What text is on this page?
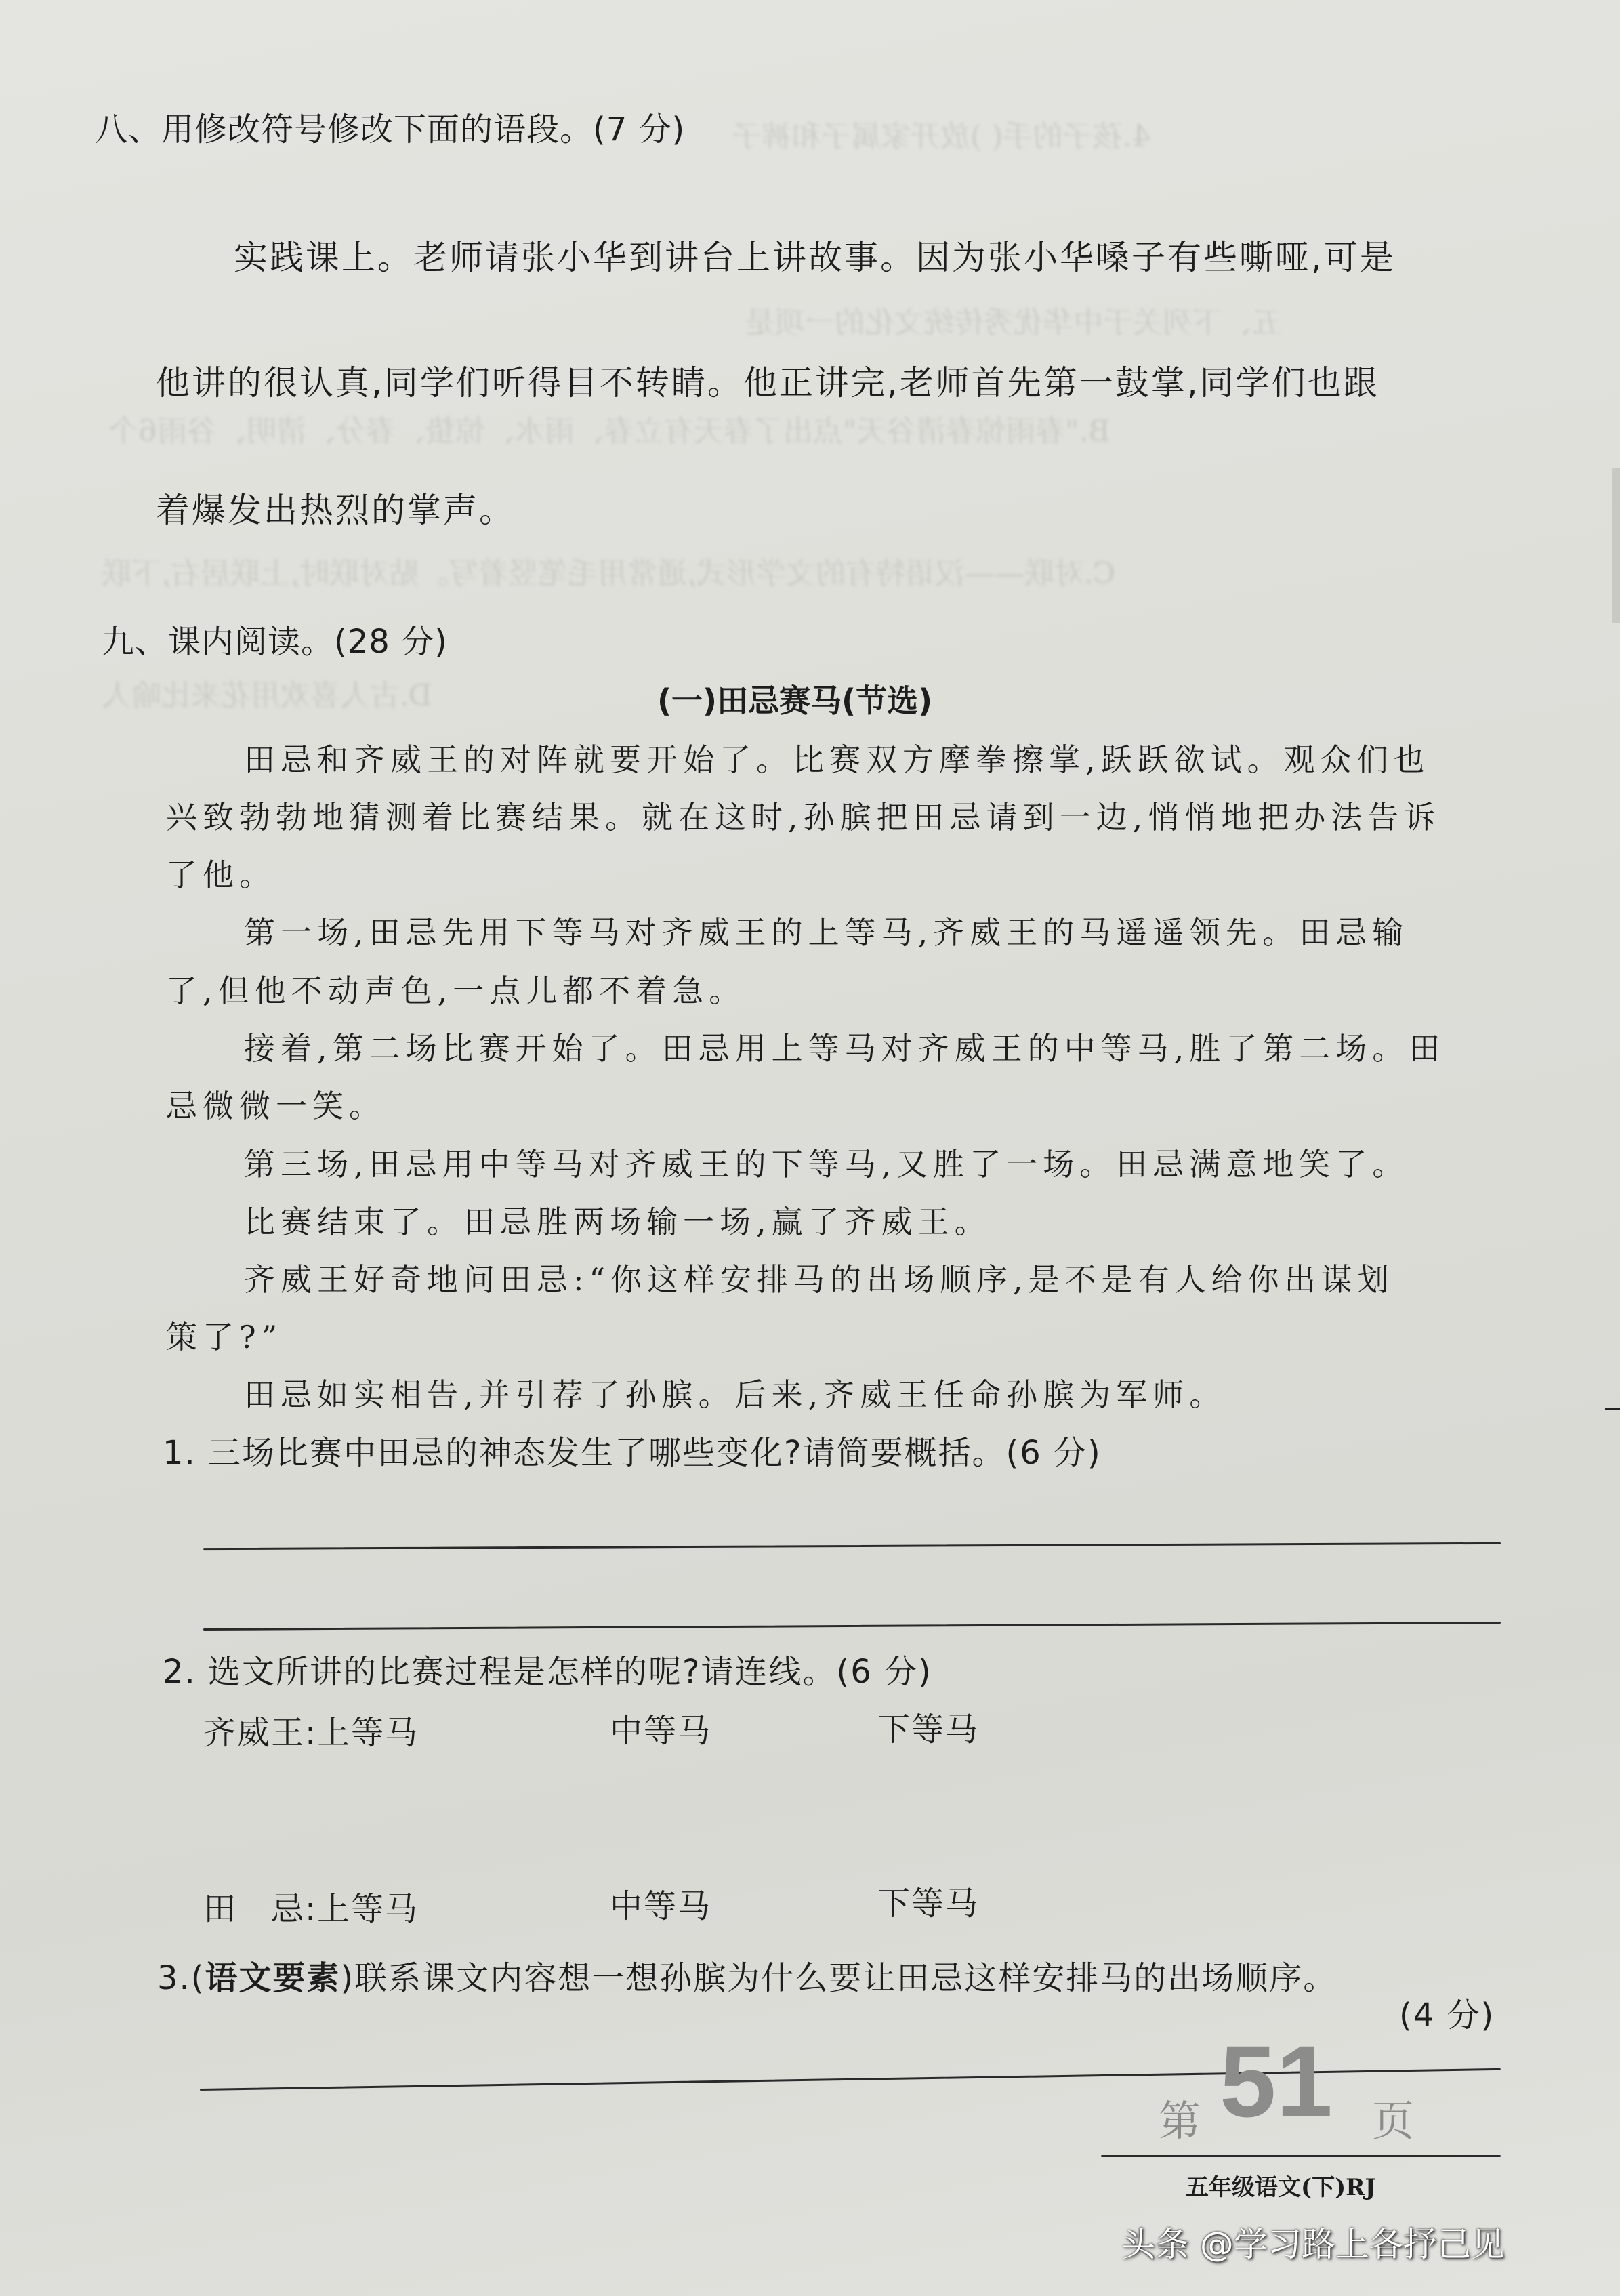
4.孩子的手( )放开家属子和裤子
五、下列关于中华优秀传统文化的一项是
B."春雨惊春清谷天"点出了春天有立春、雨水、惊蛰、春分、清明、谷雨6个
C.对联——汉语特有的文学形式,通常用毛笔竖着写。贴对联时,上联居右,下联
D.古人喜欢用花来比喻人
八、用修改符号修改下面的语段。(7 分)
实践课上。老师请张小华到讲台上讲故事。因为张小华嗓子有些嘶哑,可是
他讲的很认真,同学们听得目不转睛。他正讲完,老师首先第一鼓掌,同学们也跟
着爆发出热烈的掌声。
九、课内阅读。(28 分)
(一)田忌赛马(节选)
田忌和齐威王的对阵就要开始了。比赛双方摩拳擦掌,跃跃欲试。观众们也
兴致勃勃地猜测着比赛结果。就在这时,孙膑把田忌请到一边,悄悄地把办法告诉
了他。
第一场,田忌先用下等马对齐威王的上等马,齐威王的马遥遥领先。田忌输
了,但他不动声色,一点儿都不着急。
接着,第二场比赛开始了。田忌用上等马对齐威王的中等马,胜了第二场。田
忌微微一笑。
第三场,田忌用中等马对齐威王的下等马,又胜了一场。田忌满意地笑了。
比赛结束了。田忌胜两场输一场,赢了齐威王。
齐威王好奇地问田忌:“你这样安排马的出场顺序,是不是有人给你出谋划
策了?”
田忌如实相告,并引荐了孙膑。后来,齐威王任命孙膑为军师。
1. 三场比赛中田忌的神态发生了哪些变化?请简要概括。(6 分)
2. 选文所讲的比赛过程是怎样的呢?请连线。(6 分)
齐威王:上等马	中等马	下等马
田　忌:上等马	中等马	下等马
3.(语文要素)联系课文内容想一想孙膑为什么要让田忌这样安排马的出场顺序。
(4 分)
第 51 页
五年级语文(下)RJ
头条 @学习路上各抒己见
